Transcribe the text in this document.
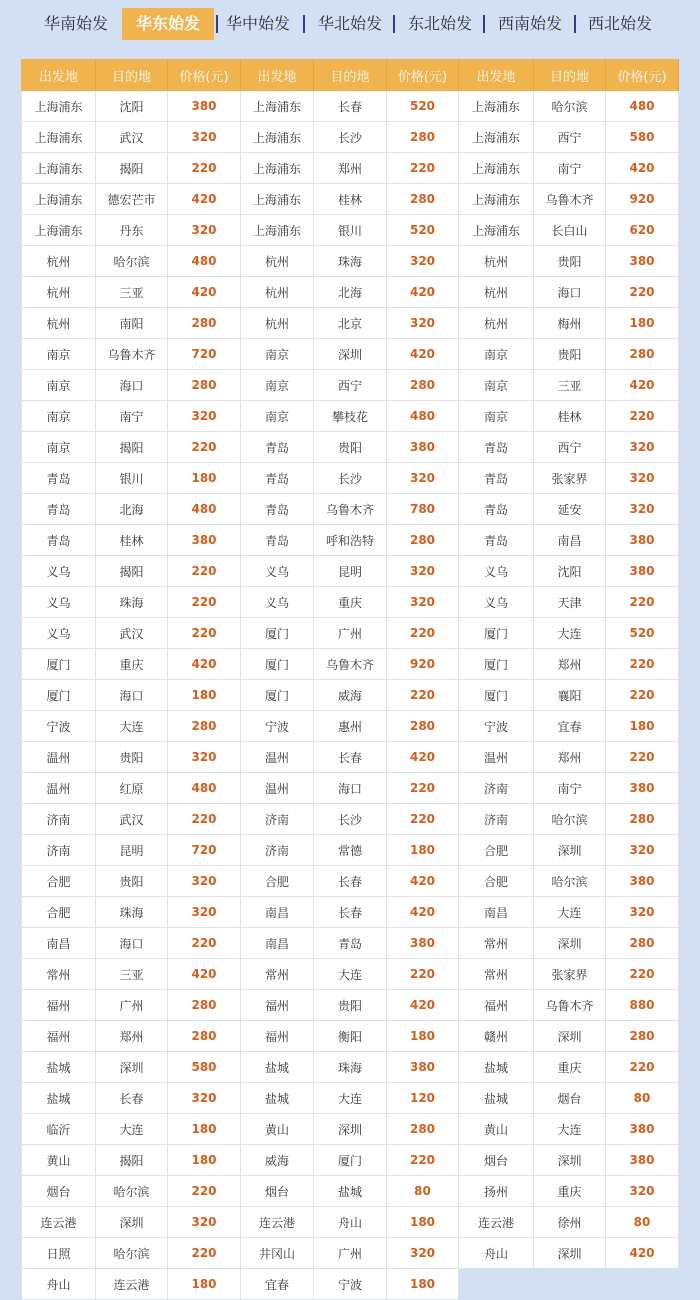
华南始发	华东始发	华中始发	华北始发	东北始发	西南始发	西北始发
出发地	目的地	价格(元)	出发地	目的地	价格(元)	出发地	目的地	价格(元)
上海浦东	沈阳	380	上海浦东	长春	520	上海浦东	哈尔滨	480
上海浦东	武汉	320	上海浦东	长沙	280	上海浦东	西宁	580
上海浦东	揭阳	220	上海浦东	郑州	220	上海浦东	南宁	420
上海浦东	德宏芒市	420	上海浦东	桂林	280	上海浦东	乌鲁木齐	920
上海浦东	丹东	320	上海浦东	银川	520	上海浦东	长白山	620
杭州	哈尔滨	480	杭州	珠海	320	杭州	贵阳	380
杭州	三亚	420	杭州	北海	420	杭州	海口	220
杭州	南阳	280	杭州	北京	320	杭州	梅州	180
南京	乌鲁木齐	720	南京	深圳	420	南京	贵阳	280
南京	海口	280	南京	西宁	280	南京	三亚	420
南京	南宁	320	南京	攀枝花	480	南京	桂林	220
南京	揭阳	220	青岛	贵阳	380	青岛	西宁	320
青岛	银川	180	青岛	长沙	320	青岛	张家界	320
青岛	北海	480	青岛	乌鲁木齐	780	青岛	延安	320
青岛	桂林	380	青岛	呼和浩特	280	青岛	南昌	380
义乌	揭阳	220	义乌	昆明	320	义乌	沈阳	380
义乌	珠海	220	义乌	重庆	320	义乌	天津	220
义乌	武汉	220	厦门	广州	220	厦门	大连	520
厦门	重庆	420	厦门	乌鲁木齐	920	厦门	郑州	220
厦门	海口	180	厦门	威海	220	厦门	襄阳	220
宁波	大连	280	宁波	惠州	280	宁波	宜春	180
温州	贵阳	320	温州	长春	420	温州	郑州	220
温州	红原	480	温州	海口	220	济南	南宁	380
济南	武汉	220	济南	长沙	220	济南	哈尔滨	280
济南	昆明	720	济南	常德	180	合肥	深圳	320
合肥	贵阳	320	合肥	长春	420	合肥	哈尔滨	380
合肥	珠海	320	南昌	长春	420	南昌	大连	320
南昌	海口	220	南昌	青岛	380	常州	深圳	280
常州	三亚	420	常州	大连	220	常州	张家界	220
福州	广州	280	福州	贵阳	420	福州	乌鲁木齐	880
福州	郑州	280	福州	衡阳	180	赣州	深圳	280
盐城	深圳	580	盐城	珠海	380	盐城	重庆	220
盐城	长春	320	盐城	大连	120	盐城	烟台	80
临沂	大连	180	黄山	深圳	280	黄山	大连	380
黄山	揭阳	180	威海	厦门	220	烟台	深圳	380
烟台	哈尔滨	220	烟台	盐城	80	扬州	重庆	320
连云港	深圳	320	连云港	舟山	180	连云港	徐州	80
日照	哈尔滨	220	井冈山	广州	320	舟山	深圳	420
舟山	连云港	180	宜春	宁波	180			
